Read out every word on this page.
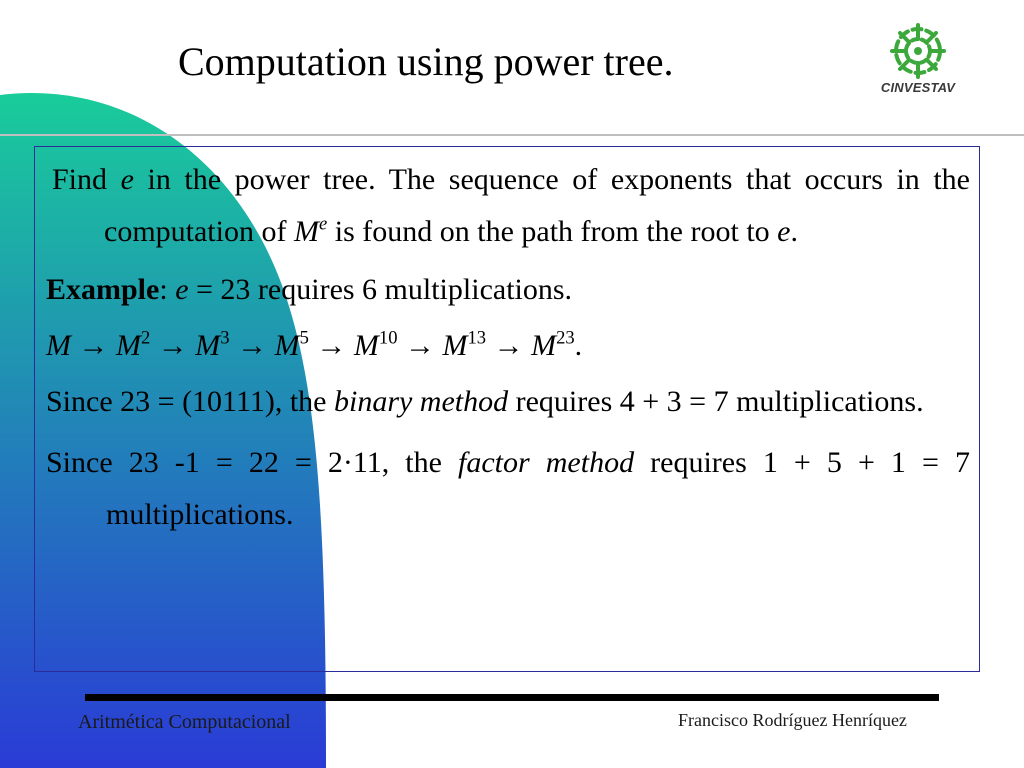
Computation using power tree.
CINVESTAV

Find e in the power tree. The sequence of exponents that occurs in the computation of Me is found on the path from the root to e.

Example: e = 23 requires 6 multiplications.

$M \to M^2 \to M^3 \to M^5 \to M^{10} \to M^{13} \to M^{23}$.

Since 23 = (10111), the binary method requires 4 + 3 = 7 multiplications.

Since 23 -1 = 22 = 2·11, the factor method requires 1 + 5 + 1 = 7 multiplications.

Aritmética Computacional	Francisco Rodríguez Henríquez
